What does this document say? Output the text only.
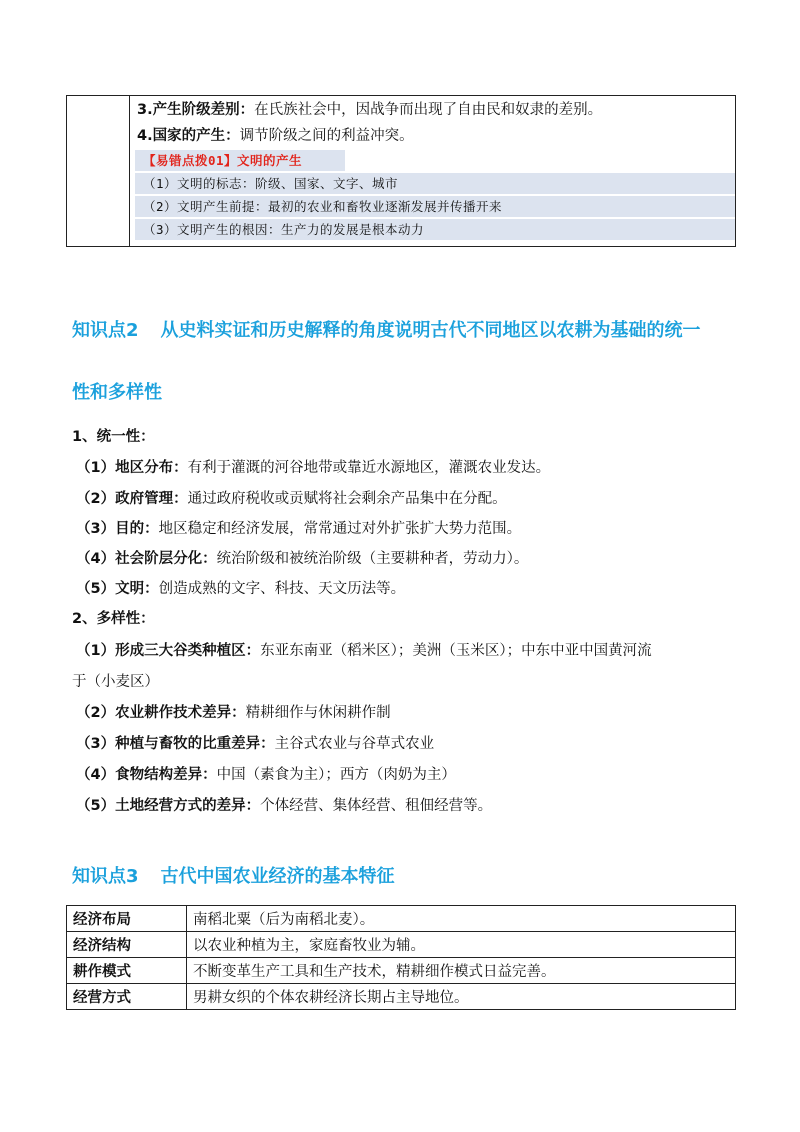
3.产生阶级差别：在氏族社会中，因战争而出现了自由民和奴隶的差别。
4.国家的产生：调节阶级之间的利益冲突。
【易错点拨01】文明的产生
（1）文明的标志：阶级、国家、文字、城市
（2）文明产生前提：最初的农业和畜牧业逐渐发展并传播开来
（3）文明产生的根因：生产力的发展是根本动力
知识点2 从史料实证和历史解释的角度说明古代不同地区以农耕为基础的统一
性和多样性
1、统一性：
（1）地区分布：有利于灌溉的河谷地带或靠近水源地区，灌溉农业发达。
（2）政府管理：通过政府税收或贡赋将社会剩余产品集中在分配。
（3）目的：地区稳定和经济发展，常常通过对外扩张扩大势力范围。
（4）社会阶层分化：统治阶级和被统治阶级（主要耕种者，劳动力）。
（5）文明：创造成熟的文字、科技、天文历法等。
2、多样性：
（1）形成三大谷类种植区：东亚东南亚（稻米区）；美洲（玉米区）；中东中亚中国黄河流
于（小麦区）
（2）农业耕作技术差异：精耕细作与休闲耕作制
（3）种植与畜牧的比重差异：主谷式农业与谷草式农业
（4）食物结构差异：中国（素食为主）；西方（肉奶为主）
（5）土地经营方式的差异：个体经营、集体经营、租佃经营等。
知识点3 古代中国农业经济的基本特征
经济布局	南稻北粟（后为南稻北麦）。
经济结构	以农业种植为主，家庭畜牧业为辅。
耕作模式	不断变革生产工具和生产技术，精耕细作模式日益完善。
经营方式	男耕女织的个体农耕经济长期占主导地位。
